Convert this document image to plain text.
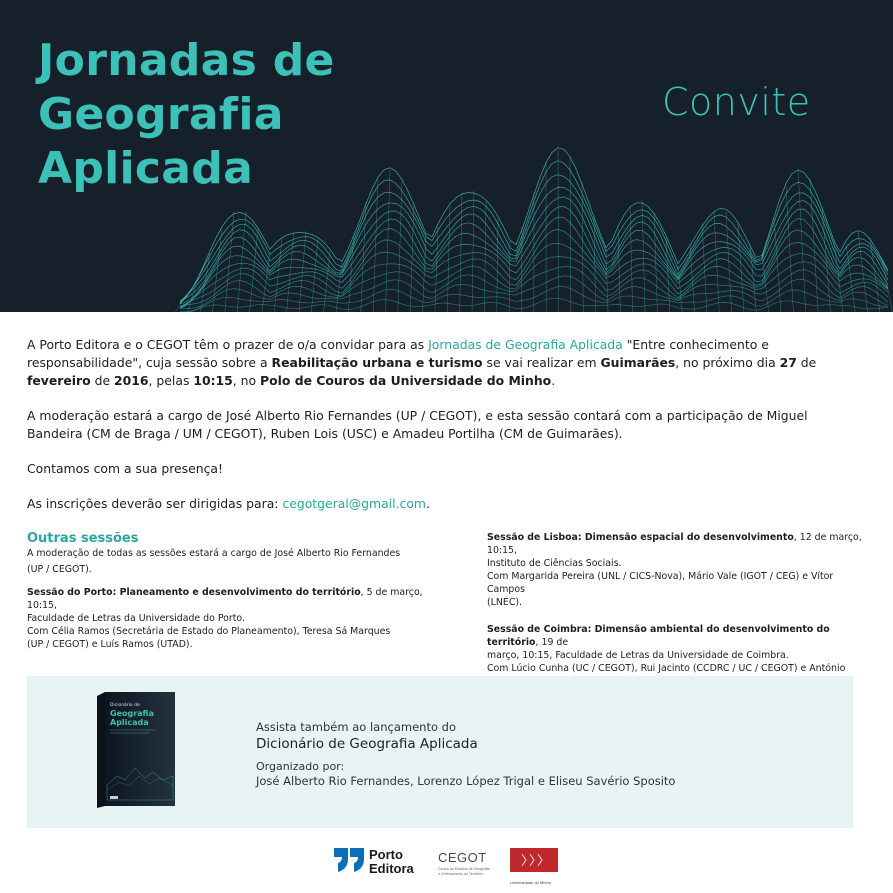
Jornadas de
Geografia
Aplicada
Convite

A Porto Editora e o CEGOT têm o prazer de o/a convidar para as Jornadas de Geografia Aplicada "Entre conhecimento e responsabilidade", cuja sessão sobre a Reabilitação urbana e turismo se vai realizar em Guimarães, no próximo dia 27 de fevereiro de 2016, pelas 10:15, no Polo de Couros da Universidade do Minho.

A moderação estará a cargo de José Alberto Rio Fernandes (UP / CEGOT), e esta sessão contará com a participação de Miguel Bandeira (CM de Braga / UM / CEGOT), Ruben Lois (USC) e Amadeu Portilha (CM de Guimarães).

Contamos com a sua presença!

As inscrições deverão ser dirigidas para: cegotgeral@gmail.com.

Outras sessões
A moderação de todas as sessões estará a cargo de José Alberto Rio Fernandes
(UP / CEGOT).
Sessão do Porto: Planeamento e desenvolvimento do território, 5 de março, 10:15,
Faculdade de Letras da Universidade do Porto.
Com Célia Ramos (Secretária de Estado do Planeamento), Teresa Sá Marques
(UP / CEGOT) e Luís Ramos (UTAD).
Sessão de Lisboa: Dimensão espacial do desenvolvimento, 12 de março, 10:15,
Instituto de Ciências Sociais.
Com Margarida Pereira (UNL / CICS-Nova), Mário Vale (IGOT / CEG) e Vítor Campos
(LNEC).
Sessão de Coimbra: Dimensão ambiental do desenvolvimento do território, 19 de
março, 10:15, Faculdade de Letras da Universidade de Coimbra.
Com Lúcio Cunha (UC / CEGOT), Rui Jacinto (CCDRC / UC / CEGOT) e António
Dicionário de
Geografia
Aplicada	Assista também ao lançamento do
Dicionário de Geografia Aplicada
Organizado por:
José Alberto Rio Fernandes, Lorenzo López Trigal e Eliseu Savério Sposito
Porto
Editora
CEGOT
Centro de Estudos de Geografia
e Ordenamento do Território
Universidade do Minho
